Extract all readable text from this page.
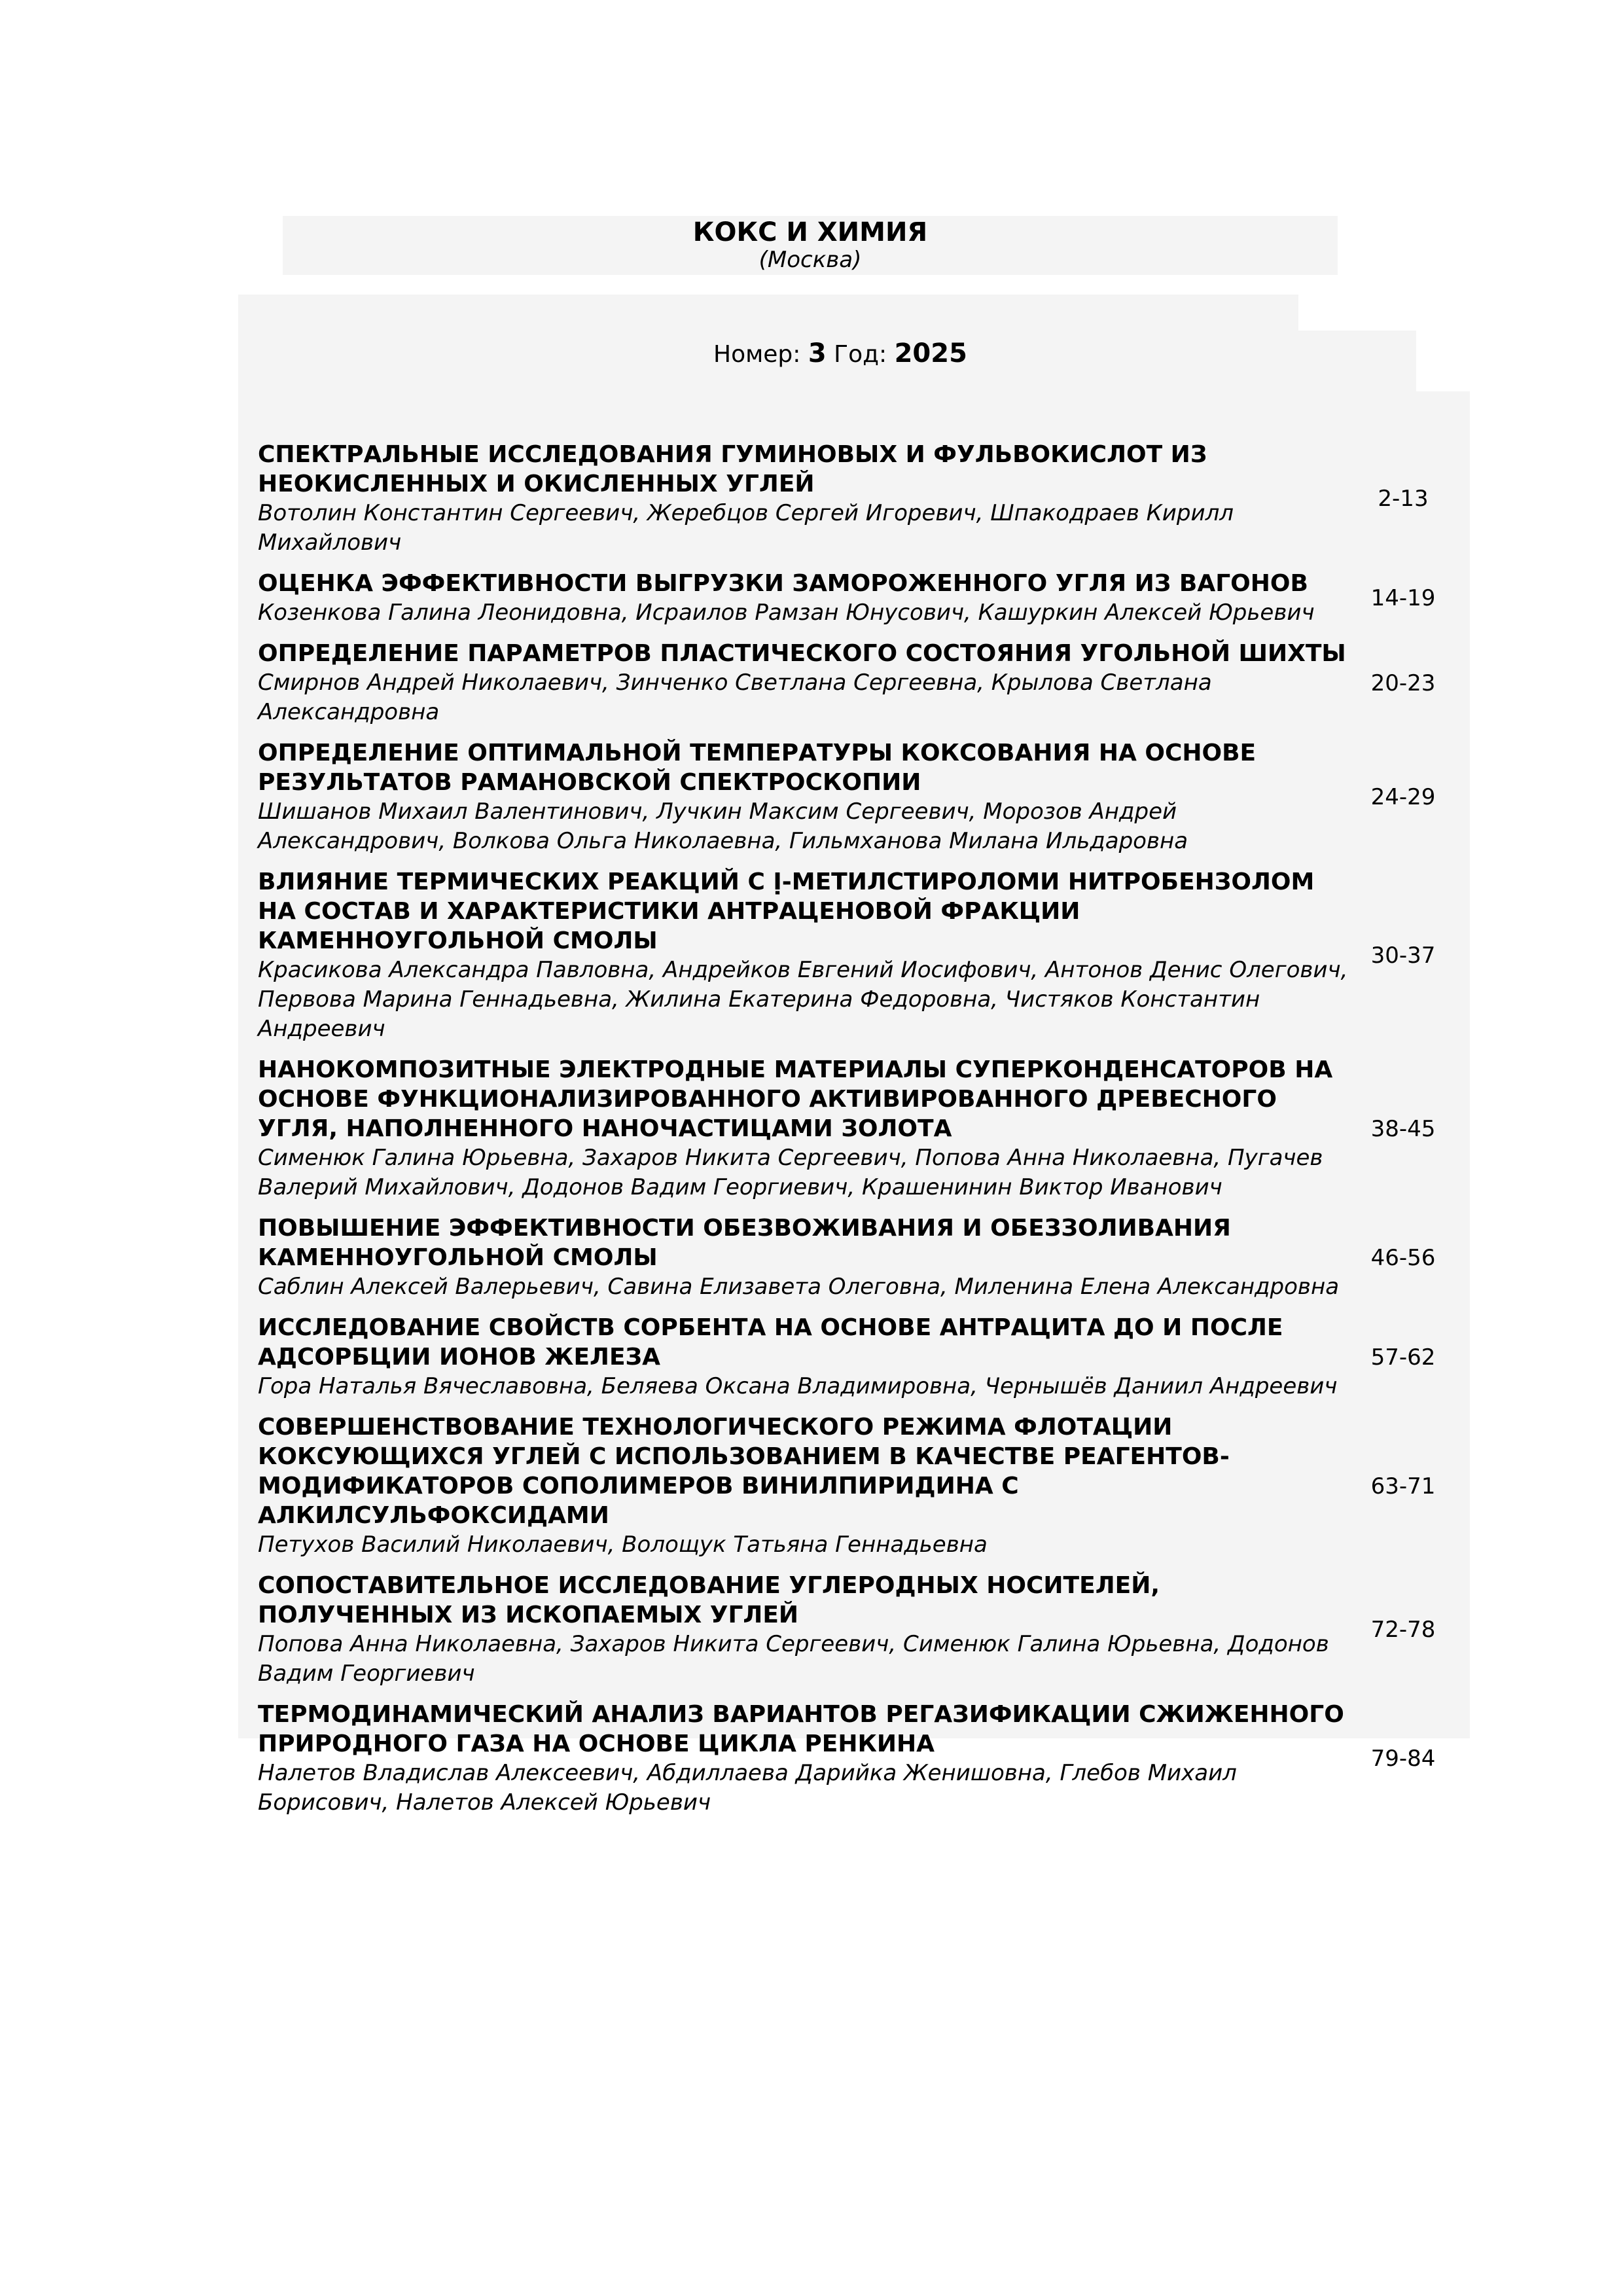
КОКС И ХИМИЯ
(Москва)
Номер: 3 Год: 2025
СПЕКТРАЛЬНЫЕ ИССЛЕДОВАНИЯ ГУМИНОВЫХ И ФУЛЬВОКИСЛОТ ИЗ НЕОКИСЛЕННЫХ И ОКИСЛЕННЫХ УГЛЕЙ
Вотолин Константин Сергеевич, Жеребцов Сергей Игоревич, Шпакодраев Кирилл Михайлович
2-13
ОЦЕНКА ЭФФЕКТИВНОСТИ ВЫГРУЗКИ ЗАМОРОЖЕННОГО УГЛЯ ИЗ ВАГОНОВ
Козенкова Галина Леонидовна, Исраилов Рамзан Юнусович, Кашуркин Алексей Юрьевич
14-19
ОПРЕДЕЛЕНИЕ ПАРАМЕТРОВ ПЛАСТИЧЕСКОГО СОСТОЯНИЯ УГОЛЬНОЙ ШИХТЫ
Смирнов Андрей Николаевич, Зинченко Светлана Сергеевна, Крылова Светлана Александровна
20-23
ОПРЕДЕЛЕНИЕ ОПТИМАЛЬНОЙ ТЕМПЕРАТУРЫ КОКСОВАНИЯ НА ОСНОВЕ РЕЗУЛЬТАТОВ РАМАНОВСКОЙ СПЕКТРОСКОПИИ
Шишанов Михаил Валентинович, Лучкин Максим Сергеевич, Морозов Андрей Александрович, Волкова Ольга Николаевна, Гильмханова Милана Ильдаровна
24-29
ВЛИЯНИЕ ТЕРМИЧЕСКИХ РЕАКЦИЙ С Ị-МЕТИЛСТИРОЛОМИ НИТРОБЕНЗОЛОМ НА СОСТАВ И ХАРАКТЕРИСТИКИ АНТРАЦЕНОВОЙ ФРАКЦИИ КАМЕННОУГОЛЬНОЙ СМОЛЫ
Красикова Александра Павловна, Андрейков Евгений Иосифович, Антонов Денис Олегович, Первова Марина Геннадьевна, Жилина Екатерина Федоровна, Чистяков Константин Андреевич
30-37
НАНОКОМПОЗИТНЫЕ ЭЛЕКТРОДНЫЕ МАТЕРИАЛЫ СУПЕРКОНДЕНСАТОРОВ НА ОСНОВЕ ФУНКЦИОНАЛИЗИРОВАННОГО АКТИВИРОВАННОГО ДРЕВЕСНОГО УГЛЯ, НАПОЛНЕННОГО НАНОЧАСТИЦАМИ ЗОЛОТА
Сименюк Галина Юрьевна, Захаров Никита Сергеевич, Попова Анна Николаевна, Пугачев Валерий Михайлович, Додонов Вадим Георгиевич, Крашенинин Виктор Иванович
38-45
ПОВЫШЕНИЕ ЭФФЕКТИВНОСТИ ОБЕЗВОЖИВАНИЯ И ОБЕЗЗОЛИВАНИЯ КАМЕННОУГОЛЬНОЙ СМОЛЫ
Саблин Алексей Валерьевич, Савина Елизавета Олеговна, Миленина Елена Александровна
46-56
ИССЛЕДОВАНИЕ СВОЙСТВ СОРБЕНТА НА ОСНОВЕ АНТРАЦИТА ДО И ПОСЛЕ АДСОРБЦИИ ИОНОВ ЖЕЛЕЗА
Гора Наталья Вячеславовна, Беляева Оксана Владимировна, Чернышёв Даниил Андреевич
57-62
СОВЕРШЕНСТВОВАНИЕ ТЕХНОЛОГИЧЕСКОГО РЕЖИМА ФЛОТАЦИИ КОКСУЮЩИХСЯ УГЛЕЙ С ИСПОЛЬЗОВАНИЕМ В КАЧЕСТВЕ РЕАГЕНТОВ-МОДИФИКАТОРОВ СОПОЛИМЕРОВ ВИНИЛПИРИДИНА С АЛКИЛСУЛЬФОКСИДАМИ
Петухов Василий Николаевич, Волощук Татьяна Геннадьевна
63-71
СОПОСТАВИТЕЛЬНОЕ ИССЛЕДОВАНИЕ УГЛЕРОДНЫХ НОСИТЕЛЕЙ, ПОЛУЧЕННЫХ ИЗ ИСКОПАЕМЫХ УГЛЕЙ
Попова Анна Николаевна, Захаров Никита Сергеевич, Сименюк Галина Юрьевна, Додонов Вадим Георгиевич
72-78
ТЕРМОДИНАМИЧЕСКИЙ АНАЛИЗ ВАРИАНТОВ РЕГАЗИФИКАЦИИ СЖИЖЕННОГО ПРИРОДНОГО ГАЗА НА ОСНОВЕ ЦИКЛА РЕНКИНА
Налетов Владислав Алексеевич, Абдиллаева Дарийка Женишовна, Глебов Михаил Борисович, Налетов Алексей Юрьевич
79-84
